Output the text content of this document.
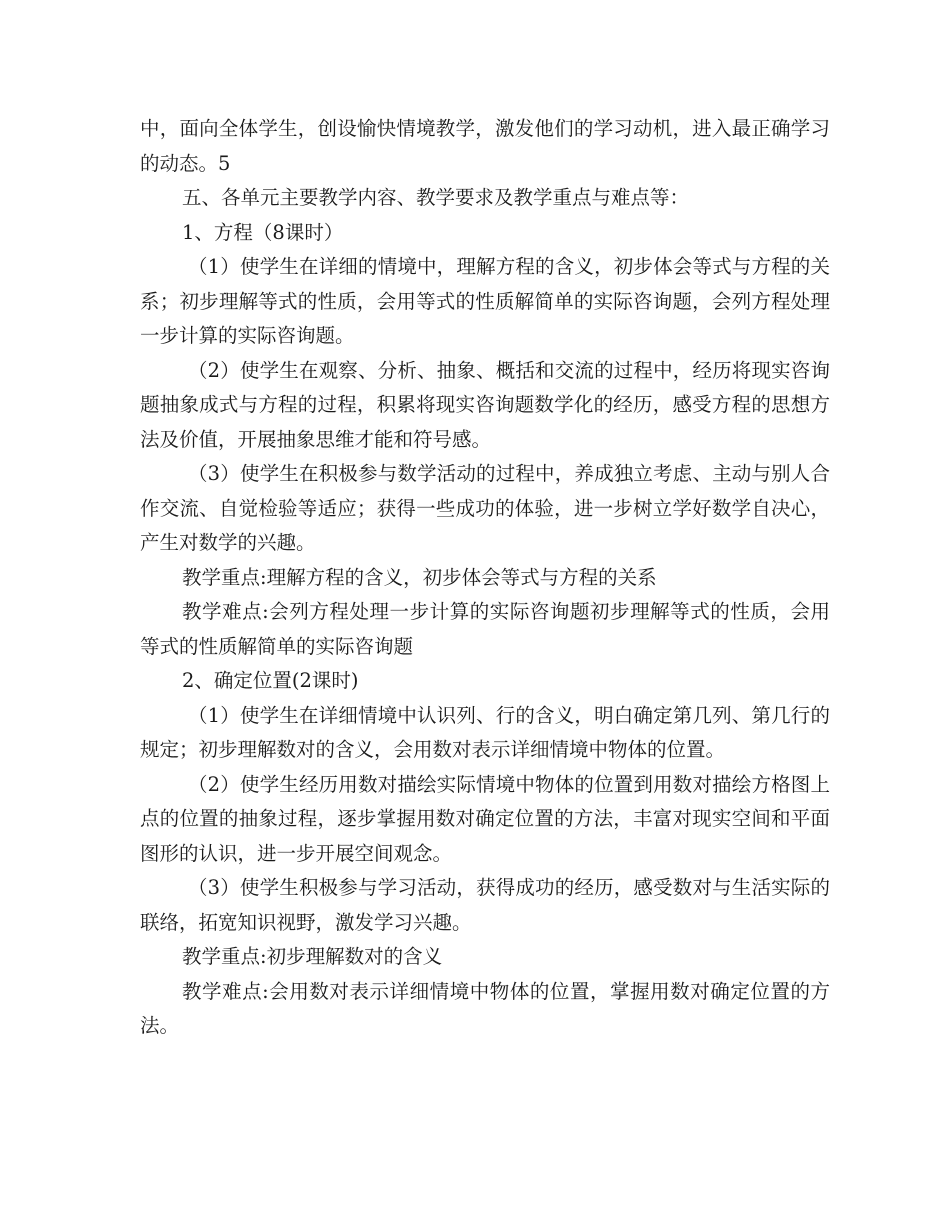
中，面向全体学生，创设愉快情境教学，激发他们的学习动机，进入最正确学习的动态。5

五、各单元主要教学内容、教学要求及教学重点与难点等：

1、方程（8课时）

（1）使学生在详细的情境中，理解方程的含义，初步体会等式与方程的关系；初步理解等式的性质，会用等式的性质解简单的实际咨询题，会列方程处理一步计算的实际咨询题。

（2）使学生在观察、分析、抽象、概括和交流的过程中，经历将现实咨询题抽象成式与方程的过程，积累将现实咨询题数学化的经历，感受方程的思想方法及价值，开展抽象思维才能和符号感。

（3）使学生在积极参与数学活动的过程中，养成独立考虑、主动与别人合作交流、自觉检验等适应；获得一些成功的体验，进一步树立学好数学自决心，产生对数学的兴趣。

教学重点:理解方程的含义，初步体会等式与方程的关系

教学难点:会列方程处理一步计算的实际咨询题初步理解等式的性质，会用等式的性质解简单的实际咨询题

2、确定位置(2课时)

（1）使学生在详细情境中认识列、行的含义，明白确定第几列、第几行的规定；初步理解数对的含义，会用数对表示详细情境中物体的位置。

（2）使学生经历用数对描绘实际情境中物体的位置到用数对描绘方格图上点的位置的抽象过程，逐步掌握用数对确定位置的方法，丰富对现实空间和平面图形的认识，进一步开展空间观念。

（3）使学生积极参与学习活动，获得成功的经历，感受数对与生活实际的联络，拓宽知识视野，激发学习兴趣。

教学重点:初步理解数对的含义

教学难点:会用数对表示详细情境中物体的位置，掌握用数对确定位置的方法。
